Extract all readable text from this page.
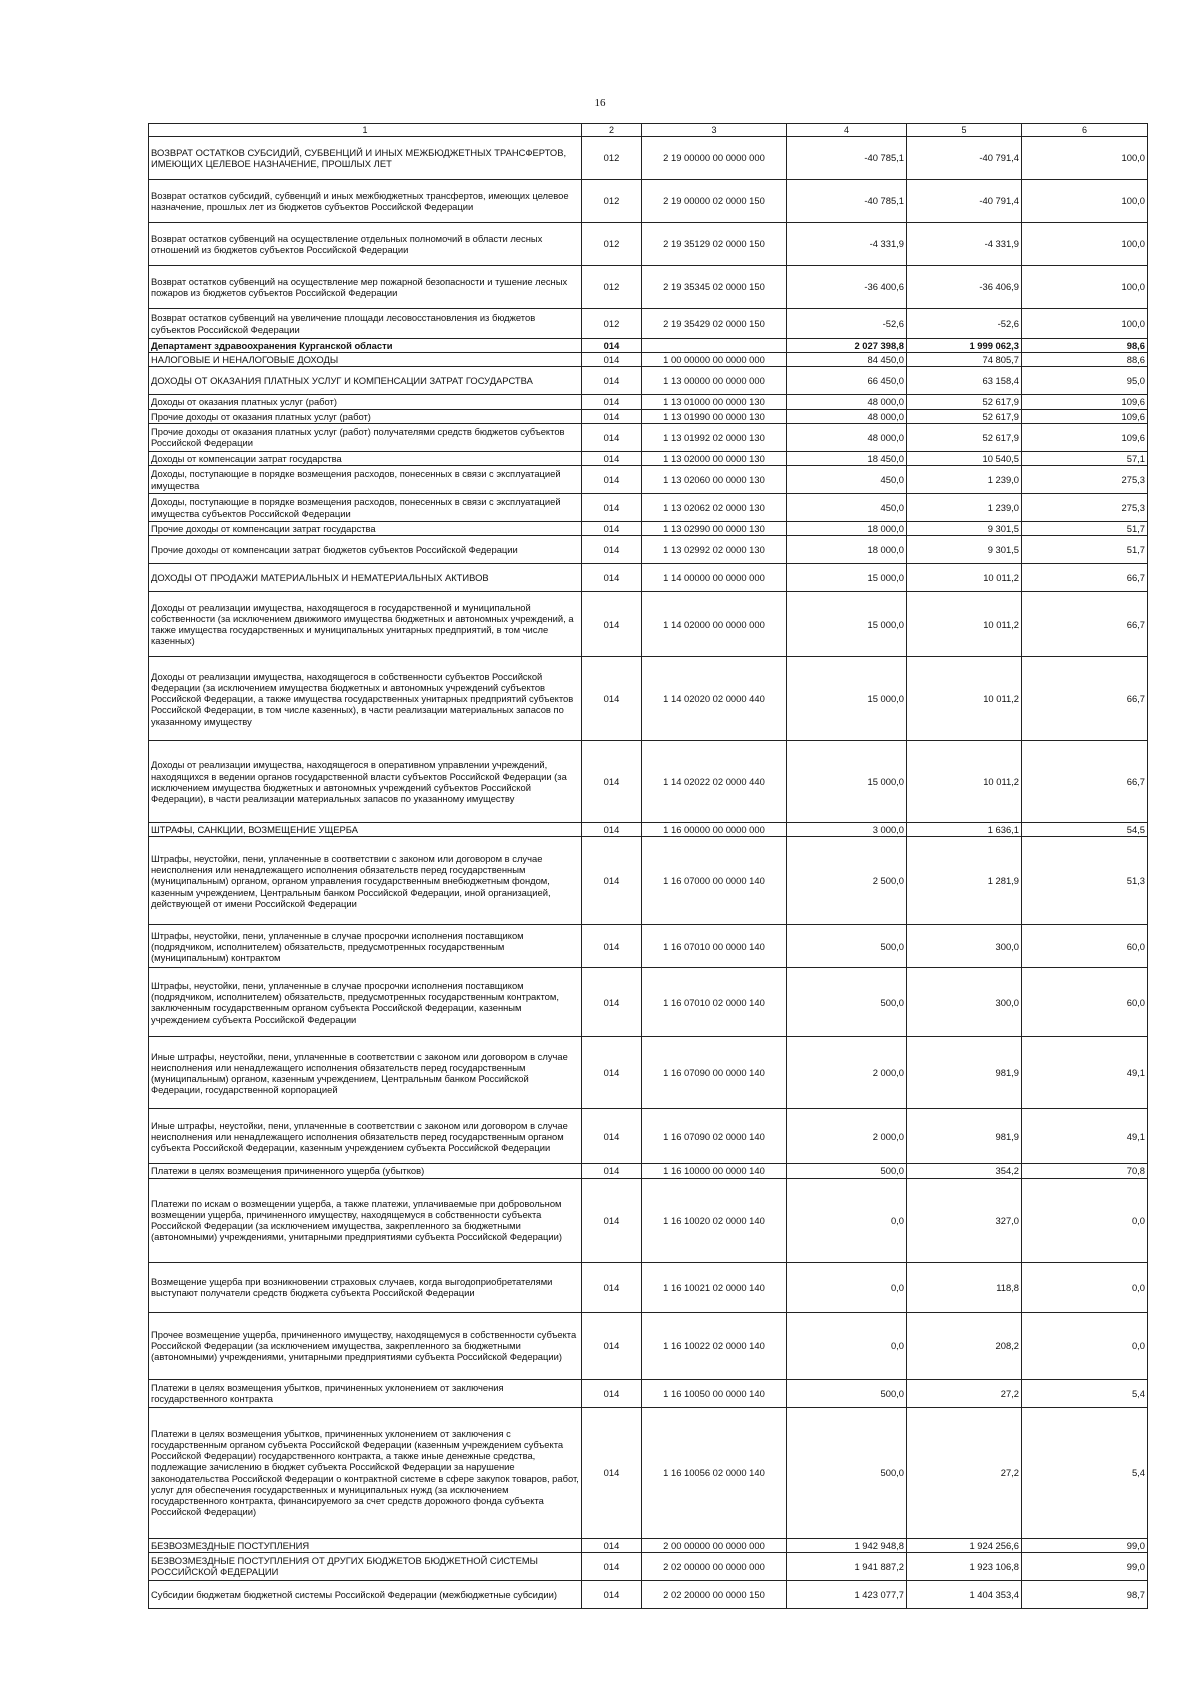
16
1	2	3	4	5	6
ВОЗВРАТ ОСТАТКОВ СУБСИДИЙ, СУБВЕНЦИЙ И ИНЫХ МЕЖБЮДЖЕТНЫХ ТРАНСФЕРТОВ, ИМЕЮЩИХ ЦЕЛЕВОЕ НАЗНАЧЕНИЕ, ПРОШЛЫХ ЛЕТ	012	2 19 00000 00 0000 000	-40 785,1	-40 791,4	100,0
Возврат остатков субсидий, субвенций и иных межбюджетных трансфертов, имеющих целевое назначение, прошлых лет из бюджетов субъектов Российской Федерации	012	2 19 00000 02 0000 150	-40 785,1	-40 791,4	100,0
Возврат остатков субвенций на осуществление отдельных полномочий в области лесных отношений из бюджетов субъектов Российской Федерации	012	2 19 35129 02 0000 150	-4 331,9	-4 331,9	100,0
Возврат остатков субвенций на осуществление мер пожарной безопасности и тушение лесных пожаров из бюджетов субъектов Российской Федерации	012	2 19 35345 02 0000 150	-36 400,6	-36 406,9	100,0
Возврат остатков субвенций на увеличение площади лесовосстановления из бюджетов субъектов Российской Федерации	012	2 19 35429 02 0000 150	-52,6	-52,6	100,0
Департамент здравоохранения Курганской области	014		2 027 398,8	1 999 062,3	98,6
НАЛОГОВЫЕ И НЕНАЛОГОВЫЕ ДОХОДЫ	014	1 00 00000 00 0000 000	84 450,0	74 805,7	88,6
ДОХОДЫ ОТ ОКАЗАНИЯ ПЛАТНЫХ УСЛУГ И КОМПЕНСАЦИИ ЗАТРАТ ГОСУДАРСТВА	014	1 13 00000 00 0000 000	66 450,0	63 158,4	95,0
Доходы от оказания платных услуг (работ)	014	1 13 01000 00 0000 130	48 000,0	52 617,9	109,6
Прочие доходы от оказания платных услуг (работ)	014	1 13 01990 00 0000 130	48 000,0	52 617,9	109,6
Прочие доходы от оказания платных услуг (работ) получателями средств бюджетов субъектов Российской Федерации	014	1 13 01992 02 0000 130	48 000,0	52 617,9	109,6
Доходы от компенсации затрат государства	014	1 13 02000 00 0000 130	18 450,0	10 540,5	57,1
Доходы, поступающие в порядке возмещения расходов, понесенных в связи с эксплуатацией имущества	014	1 13 02060 00 0000 130	450,0	1 239,0	275,3
Доходы, поступающие в порядке возмещения расходов, понесенных в связи с эксплуатацией имущества субъектов Российской Федерации	014	1 13 02062 02 0000 130	450,0	1 239,0	275,3
Прочие доходы от компенсации затрат государства	014	1 13 02990 00 0000 130	18 000,0	9 301,5	51,7
Прочие доходы от компенсации затрат бюджетов субъектов Российской Федерации	014	1 13 02992 02 0000 130	18 000,0	9 301,5	51,7
ДОХОДЫ ОТ ПРОДАЖИ МАТЕРИАЛЬНЫХ И НЕМАТЕРИАЛЬНЫХ АКТИВОВ	014	1 14 00000 00 0000 000	15 000,0	10 011,2	66,7
Доходы от реализации имущества, находящегося в государственной и муниципальной собственности (за исключением движимого имущества бюджетных и автономных учреждений, а также имущества государственных и муниципальных унитарных предприятий, в том числе казенных)	014	1 14 02000 00 0000 000	15 000,0	10 011,2	66,7
Доходы от реализации имущества, находящегося в собственности субъектов Российской Федерации (за исключением имущества бюджетных и автономных учреждений субъектов Российской Федерации, а также имущества государственных унитарных предприятий субъектов Российской Федерации, в том числе казенных), в части реализации материальных запасов по указанному имуществу	014	1 14 02020 02 0000 440	15 000,0	10 011,2	66,7
Доходы от реализации имущества, находящегося в оперативном управлении учреждений, находящихся в ведении органов государственной власти субъектов Российской Федерации (за исключением имущества бюджетных и автономных учреждений субъектов Российской Федерации), в части реализации материальных запасов по указанному имуществу	014	1 14 02022 02 0000 440	15 000,0	10 011,2	66,7
ШТРАФЫ, САНКЦИИ, ВОЗМЕЩЕНИЕ УЩЕРБА	014	1 16 00000 00 0000 000	3 000,0	1 636,1	54,5
Штрафы, неустойки, пени, уплаченные в соответствии с законом или договором в случае неисполнения или ненадлежащего исполнения обязательств перед государственным (муниципальным) органом, органом управления государственным внебюджетным фондом, казенным учреждением, Центральным банком Российской Федерации, иной организацией, действующей от имени Российской Федерации	014	1 16 07000 00 0000 140	2 500,0	1 281,9	51,3
Штрафы, неустойки, пени, уплаченные в случае просрочки исполнения поставщиком (подрядчиком, исполнителем) обязательств, предусмотренных государственным (муниципальным) контрактом	014	1 16 07010 00 0000 140	500,0	300,0	60,0
Штрафы, неустойки, пени, уплаченные в случае просрочки исполнения поставщиком (подрядчиком, исполнителем) обязательств, предусмотренных государственным контрактом, заключенным государственным органом субъекта Российской Федерации, казенным учреждением субъекта Российской Федерации	014	1 16 07010 02 0000 140	500,0	300,0	60,0
Иные штрафы, неустойки, пени, уплаченные в соответствии с законом или договором в случае неисполнения или ненадлежащего исполнения обязательств перед государственным (муниципальным) органом, казенным учреждением, Центральным банком Российской Федерации, государственной корпорацией	014	1 16 07090 00 0000 140	2 000,0	981,9	49,1
Иные штрафы, неустойки, пени, уплаченные в соответствии с законом или договором в случае неисполнения или ненадлежащего исполнения обязательств перед государственным органом субъекта Российской Федерации, казенным учреждением субъекта Российской Федерации	014	1 16 07090 02 0000 140	2 000,0	981,9	49,1
Платежи в целях возмещения причиненного ущерба (убытков)	014	1 16 10000 00 0000 140	500,0	354,2	70,8
Платежи по искам о возмещении ущерба, а также платежи, уплачиваемые при добровольном возмещении ущерба, причиненного имуществу, находящемуся в собственности субъекта Российской Федерации (за исключением имущества, закрепленного за бюджетными (автономными) учреждениями, унитарными предприятиями субъекта Российской Федерации)	014	1 16 10020 02 0000 140	0,0	327,0	0,0
Возмещение ущерба при возникновении страховых случаев, когда выгодоприобретателями выступают получатели средств бюджета субъекта Российской Федерации	014	1 16 10021 02 0000 140	0,0	118,8	0,0
Прочее возмещение ущерба, причиненного имуществу, находящемуся в собственности субъекта Российской Федерации (за исключением имущества, закрепленного за бюджетными (автономными) учреждениями, унитарными предприятиями субъекта Российской Федерации)	014	1 16 10022 02 0000 140	0,0	208,2	0,0
Платежи в целях возмещения убытков, причиненных уклонением от заключения государственного контракта	014	1 16 10050 00 0000 140	500,0	27,2	5,4
Платежи в целях возмещения убытков, причиненных уклонением от заключения с государственным органом субъекта Российской Федерации (казенным учреждением субъекта Российской Федерации) государственного контракта, а также иные денежные средства, подлежащие зачислению в бюджет субъекта Российской Федерации за нарушение законодательства Российской Федерации о контрактной системе в сфере закупок товаров, работ, услуг для обеспечения государственных и муниципальных нужд (за исключением государственного контракта, финансируемого за счет средств дорожного фонда субъекта Российской Федерации)	014	1 16 10056 02 0000 140	500,0	27,2	5,4
БЕЗВОЗМЕЗДНЫЕ ПОСТУПЛЕНИЯ	014	2 00 00000 00 0000 000	1 942 948,8	1 924 256,6	99,0
БЕЗВОЗМЕЗДНЫЕ ПОСТУПЛЕНИЯ ОТ ДРУГИХ БЮДЖЕТОВ БЮДЖЕТНОЙ СИСТЕМЫ РОССИЙСКОЙ ФЕДЕРАЦИИ	014	2 02 00000 00 0000 000	1 941 887,2	1 923 106,8	99,0
Субсидии бюджетам бюджетной системы Российской Федерации (межбюджетные субсидии)	014	2 02 20000 00 0000 150	1 423 077,7	1 404 353,4	98,7
